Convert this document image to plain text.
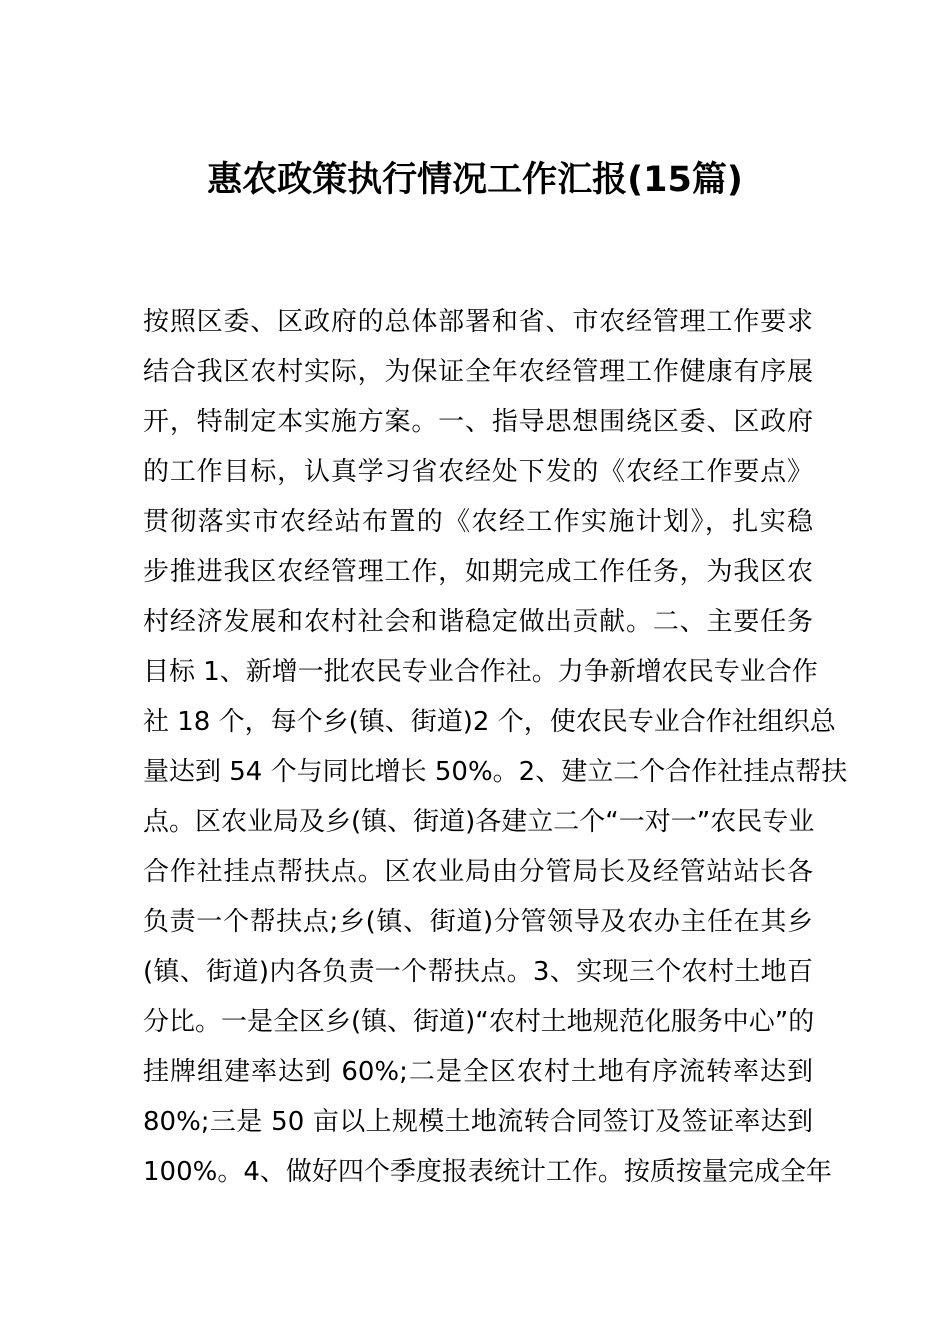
惠农政策执行情况工作汇报(15篇)
按照区委、区政府的总体部署和省、市农经管理工作要求
结合我区农村实际，为保证全年农经管理工作健康有序展
开，特制定本实施方案。一、指导思想围绕区委、区政府
的工作目标，认真学习省农经处下发的《农经工作要点》
贯彻落实市农经站布置的《农经工作实施计划》，扎实稳
步推进我区农经管理工作，如期完成工作任务，为我区农
村经济发展和农村社会和谐稳定做出贡献。二、主要任务
目标 1、新增一批农民专业合作社。力争新增农民专业合作
社 18 个，每个乡(镇、街道)2 个，使农民专业合作社组织总
量达到 54 个与同比增长 50%。2、建立二个合作社挂点帮扶
点。区农业局及乡(镇、街道)各建立二个“一对一”农民专业
合作社挂点帮扶点。区农业局由分管局长及经管站站长各
负责一个帮扶点;乡(镇、街道)分管领导及农办主任在其乡
(镇、街道)内各负责一个帮扶点。3、实现三个农村土地百
分比。一是全区乡(镇、街道)“农村土地规范化服务中心”的
挂牌组建率达到 60%;二是全区农村土地有序流转率达到
80%;三是 50 亩以上规模土地流转合同签订及签证率达到
100%。4、做好四个季度报表统计工作。按质按量完成全年
